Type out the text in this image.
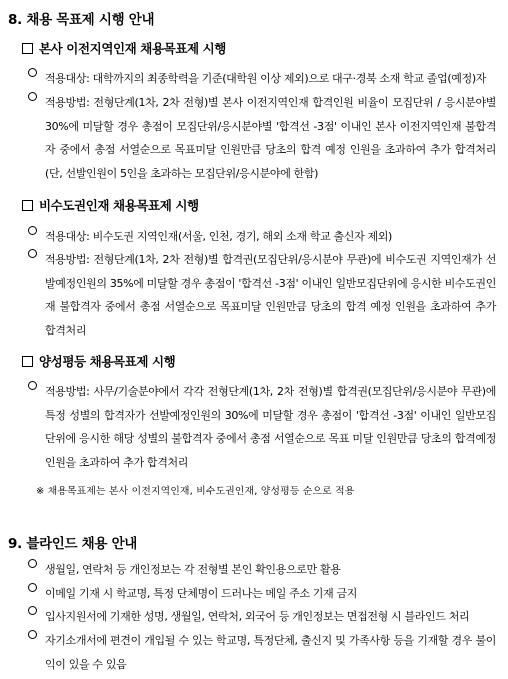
8. 채용 목표제 시행 안내
본사 이전지역인재 채용목표제 시행
적용대상: 대학까지의 최종학력을 기준(대학원 이상 제외)으로 대구·경북 소재 학교 졸업(예정)자
적용방법: 전형단계(1차, 2차 전형)별 본사 이전지역인재 합격인원 비율이 모집단위 / 응시분야별 30%에 미달할 경우 총점이 모집단위/응시분야별 '합격선 -3점' 이내인 본사 이전지역인재 불합격자 중에서 총점 서열순으로 목표미달 인원만큼 당초의 합격 예정 인원을 초과하여 추가 합격처리(단, 선발인원이 5인을 초과하는 모집단위/응시분야에 한함)
비수도권인재 채용목표제 시행
적용대상: 비수도권 지역인재(서울, 인천, 경기, 해외 소재 학교 출신자 제외)
적용방법: 전형단계(1차, 2차 전형)별 합격권(모집단위/응시분야 무관)에 비수도권 지역인재가 선발예정인원의 35%에 미달할 경우 총점이 '합격선 -3점' 이내인 일반모집단위에 응시한 비수도권인재 불합격자 중에서 총점 서열순으로 목표미달 인원만큼 당초의 합격 예정 인원을 초과하여 추가 합격처리
양성평등 채용목표제 시행
적용방법: 사무/기술분야에서 각각 전형단계(1차, 2차 전형)별 합격권(모집단위/응시분야 무관)에 특정 성별의 합격자가 선발예정인원의 30%에 미달할 경우 총점이 '합격선 -3점' 이내인 일반모집단위에 응시한 해당 성별의 불합격자 중에서 총점 서열순으로 목표 미달 인원만큼 당초의 합격예정 인원을 초과하여 추가 합격처리
※ 채용목표제는 본사 이전지역인재, 비수도권인재, 양성평등 순으로 적용
9. 블라인드 채용 안내
생월일, 연락처 등 개인정보는 각 전형별 본인 확인용으로만 활용
이메일 기재 시 학교명, 특정 단체명이 드러나는 메일 주소 기재 금지
입사지원서에 기재한 성명, 생월일, 연락처, 외국어 등 개인정보는 면접전형 시 블라인드 처리
자기소개서에 편견이 개입될 수 있는 학교명, 특정단체, 출신지 및 가족사항 등을 기재할 경우 불이익이 있을 수 있음
